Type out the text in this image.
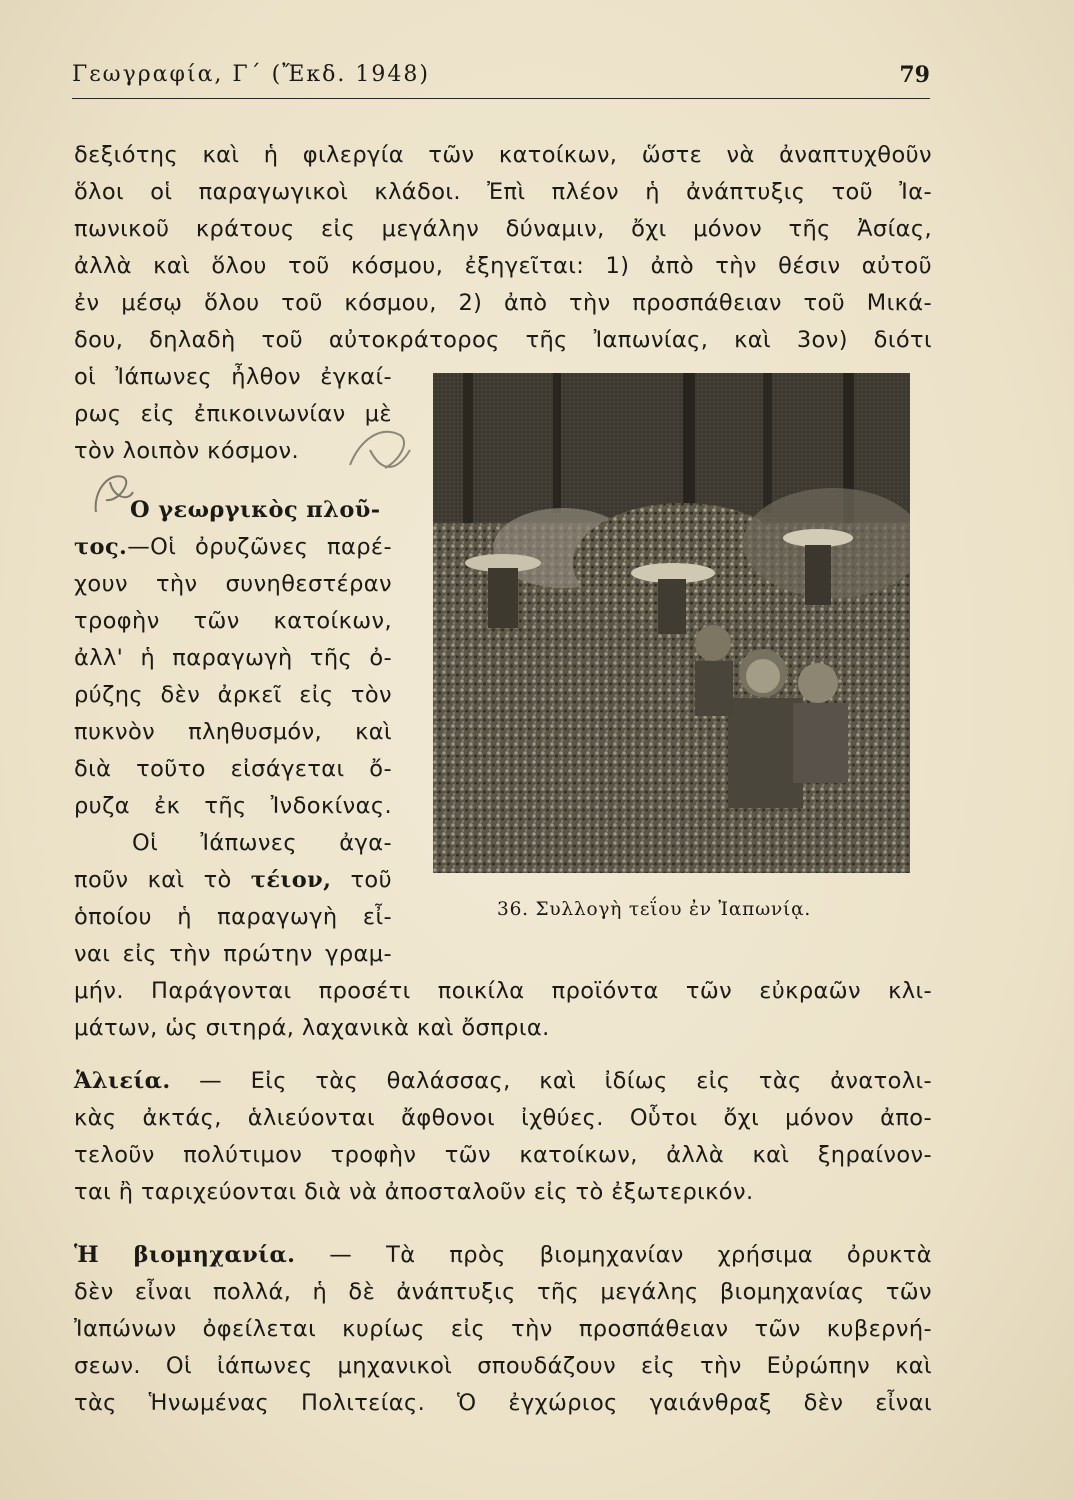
Γεωγραφία, Γ΄ (Ἔκδ. 1948)	79
δεξιότης καὶ ἡ φιλεργία τῶν κατοίκων, ὥστε νὰ ἀναπτυχθοῦν
ὅλοι οἱ παραγωγικοὶ κλάδοι. Ἐπὶ πλέον ἡ ἀνάπτυξις τοῦ Ἰα-
πωνικοῦ κράτους εἰς μεγάλην δύναμιν, ὄχι μόνον τῆς Ἀσίας,
ἀλλὰ καὶ ὅλου τοῦ κόσμου, ἐξηγεῖται: 1) ἀπὸ τὴν θέσιν αὐτοῦ
ἐν μέσῳ ὅλου τοῦ κόσμου, 2) ἀπὸ τὴν προσπάθειαν τοῦ Μικά-
δου, δηλαδὴ τοῦ αὐτοκράτορος τῆς Ἰαπωνίας, καὶ 3ον) διότι
οἱ Ἰάπωνες ἦλθον ἐγκαί-
ρως εἰς ἐπικοινωνίαν μὲ
τὸν λοιπὸν κόσμον.
Ο γεωργικὸς πλοῦ-
τος.—Οἱ ὀρυζῶνες παρέ-
χουν τὴν συνηθεστέραν
τροφὴν τῶν κατοίκων,
ἀλλ' ἡ παραγωγὴ τῆς ὀ-
ρύζης δὲν ἀρκεῖ εἰς τὸν
πυκνὸν πληθυσμόν, καὶ
διὰ τοῦτο εἰσάγεται ὄ-
ρυζα ἐκ τῆς Ἰνδοκίνας.
Οἱ Ἰάπωνες ἀγα-
ποῦν καὶ τὸ τέιον, τοῦ
ὁποίου ἡ παραγωγὴ εἶ-
ναι εἰς τὴν πρώτην γραμ-
μήν. Παράγονται προσέτι ποικίλα προϊόντα τῶν εὐκραῶν κλι-
μάτων, ὡς σιτηρά, λαχανικὰ καὶ ὄσπρια.
36. Συλλογὴ τεΐου ἐν Ἰαπωνίᾳ.
Ἁλιεία. — Εἰς τὰς θαλάσσας, καὶ ἰδίως εἰς τὰς ἀνατολι-
κὰς ἀκτάς, ἁλιεύονται ἄφθονοι ἰχθύες. Οὗτοι ὄχι μόνον ἀπο-
τελοῦν πολύτιμον τροφὴν τῶν κατοίκων, ἀλλὰ καὶ ξηραίνον-
ται ἢ ταριχεύονται διὰ νὰ ἀποσταλοῦν εἰς τὸ ἐξωτερικόν.
Ἡ βιομηχανία. — Τὰ πρὸς βιομηχανίαν χρήσιμα ὀρυκτὰ
δὲν εἶναι πολλά, ἡ δὲ ἀνάπτυξις τῆς μεγάλης βιομηχανίας τῶν
Ἰαπώνων ὀφείλεται κυρίως εἰς τὴν προσπάθειαν τῶν κυβερνή-
σεων. Οἱ ἰάπωνες μηχανικοὶ σπουδάζουν εἰς τὴν Εὐρώπην καὶ
τὰς Ἡνωμένας Πολιτείας. Ὁ ἐγχώριος γαιάνθραξ δὲν εἶναι
